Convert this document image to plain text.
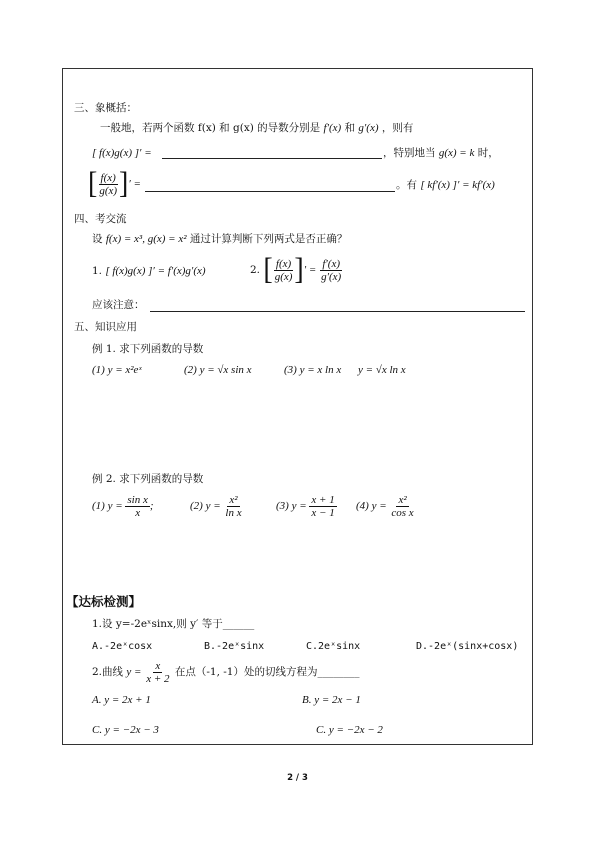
三、象概括：
一般地，若两个函数 f(x) 和 g(x) 的导数分别是 f′(x) 和 g′(x) ，则有
[ f(x)g(x) ]′ =	，特别地当 g(x) = k 时，
[ $\frac{f(x)}{g(x)}$ ]′ =	。有 [ kf′(x) ]′ = kf′(x)
四、考交流
设 f(x) = x³, g(x) = x² 通过计算判断下列两式是否正确？
1. [ f(x)g(x) ]′ = f′(x)g′(x)	2. [ $\frac{f(x)}{g(x)}$ ]′ = $\frac{f'(x)}{g'(x)}$
应该注意：
五、知识应用
例 1. 求下列函数的导数
(1) y = x²eˣ	(2) y = √x sin x	(3) y = x ln x y = √x ln x
例 2. 求下列函数的导数
(1) $y = \frac{\text{sin x}}{x}$ ;	(2) $y = \frac{\text{x²}}{\text{ln x}}$	(3) $y = \frac{x + 1}{x - 1} (4) y = \frac{\text{x²}}{\text{cos x}}$
【达标检测】
1.设 y=-2eˣsinx,则 y′ 等于______
A.-2eˣcosx	B.-2eˣsinx	C.2eˣsinx	D.-2eˣ(sinx+cosx)
2.曲线 $y = \frac{x}{x + 2}$ 在点（-1, -1）处的切线方程为________
A. y = 2x + 1	B. y = 2x − 1
C. y = −2x − 3	C. y = −2x − 2
2 / 3
